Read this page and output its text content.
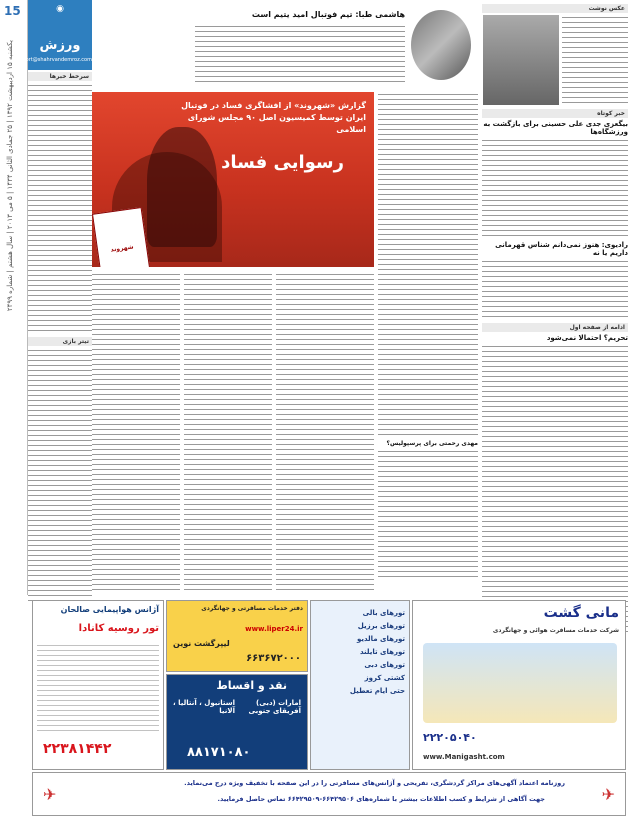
15
یکشنبه ۱۵ اردیبهشت ۱۳۹۲ | ۲۵ جمادی الثانی ۱۴۳۴ | ۵ می ۲۰۱۳ | سال هشتم | شماره ۲۴۹۹
◉
ورزش
sport@shahrvandemroz.com
سرخط خبرها
تیتر بازی
هاشمی طبا: تیم فوتبال امید یتیم است
گزارش «شهروند» از افشاگری فساد در فوتبال ایران توسط کمیسیون اصل ۹۰ مجلس شورای اسلامی
رسوایی فساد
شهروند
مهدی رحمتی برای پرسپولیس؟
عکس نوشت
خبر کوتاه
بیگعزی جدی علی حسینی برای بازگشت به ورزشگاه‌ها
رادیوی: هنوز نمی‌دانم شناس قهرمانی داریم یا نه
ادامه از صفحه اول
تحریم؟ احتمالا نمی‌شود
آژانس هواپیمایی صالحان
تور روسیه کانادا
۲۲۳۸۱۴۴۲
دفتر خدمات مسافرتی و جهانگردی
www.liper24.ir
لیپرگشت نوین
۶۶۳۶۷۲۰۰۰
نقد و اقساط
استانبول ، آنتالیا ، آلانیا
امارات (دبی) آفریقای جنوبی
۸۸۱۷۱۰۸۰
تورهای بالی
تورهای برزیل
تورهای مالدیو
تورهای تایلند
تورهای دبی
کشتی کروز
حتی ایام تعطیل
مانی گشت
شرکت خدمات مسافرت هوائی و جهانگردی
۲۲۲۰۵۰۴۰
www.Manigasht.com
روزنامه اعتماد آگهی‌های مراکز گردشگری، تفریحی و آژانس‌های مسافرتی را در این صفحه با تخفیف ویژه درج می‌نماید.
جهت آگاهی از شرایط و کسب اطلاعات بیشتر با شماره‌های ۶۶۴۲۹۵۰۶-۶۶۴۲۹۵۰۹ تماس حاصل فرمایید.
✈	✈
